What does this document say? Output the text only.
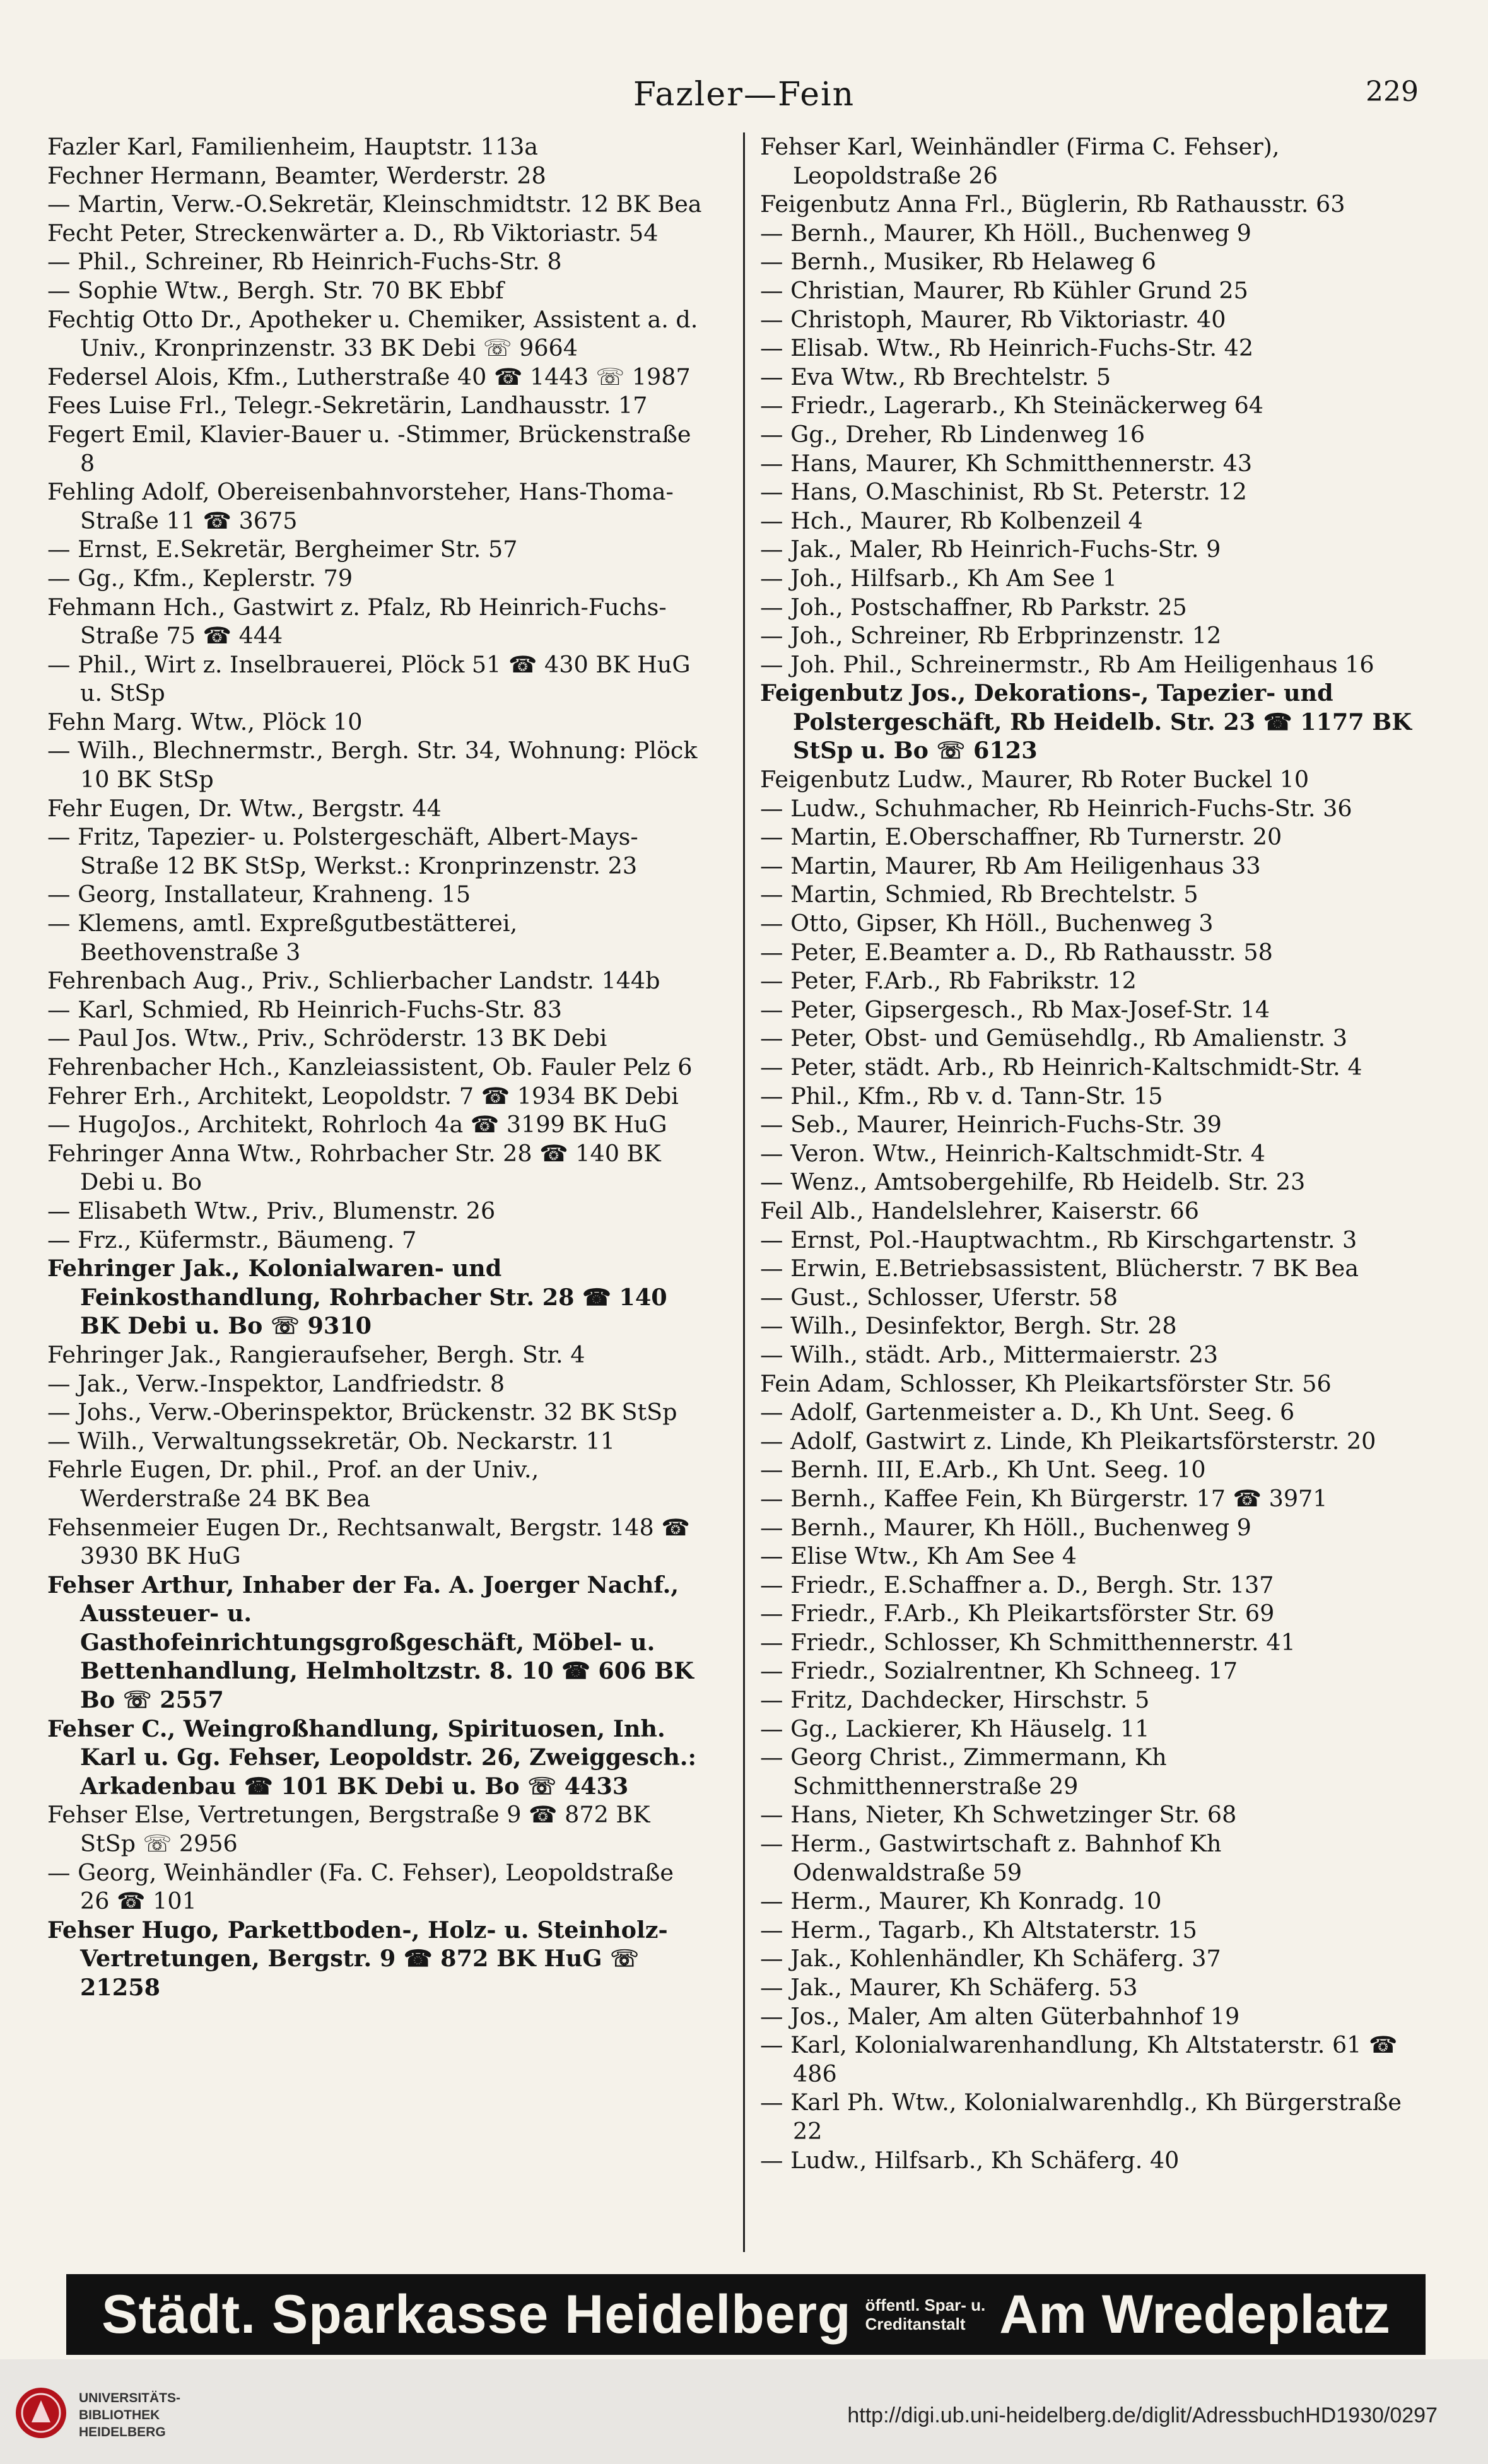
Fazler—Fein	229

Fazler Karl, Familienheim, Hauptstr. 113a

Fechner Hermann, Beamter, Werderstr. 28

— Martin, Verw.-O.Sekretär, Kleinschmidtstr. 12 BK Bea

Fecht Peter, Streckenwärter a. D., Rb Viktoriastr. 54

— Phil., Schreiner, Rb Heinrich-Fuchs-Str. 8

— Sophie Wtw., Bergh. Str. 70 BK Ebbf

Fechtig Otto Dr., Apotheker u. Chemiker, Assistent a. d. Univ., Kronprinzenstr. 33 BK Debi ☏ 9664

Federsel Alois, Kfm., Lutherstraße 40 ☎ 1443 ☏ 1987

Fees Luise Frl., Telegr.-Sekretärin, Landhausstr. 17

Fegert Emil, Klavier-Bauer u. -Stimmer, Brückenstraße 8

Fehling Adolf, Obereisenbahnvorsteher, Hans-Thoma-Straße 11 ☎ 3675

— Ernst, E.Sekretär, Bergheimer Str. 57

— Gg., Kfm., Keplerstr. 79

Fehmann Hch., Gastwirt z. Pfalz, Rb Heinrich-Fuchs-Straße 75 ☎ 444

— Phil., Wirt z. Inselbrauerei, Plöck 51 ☎ 430 BK HuG u. StSp

Fehn Marg. Wtw., Plöck 10

— Wilh., Blechnermstr., Bergh. Str. 34, Wohnung: Plöck 10 BK StSp

Fehr Eugen, Dr. Wtw., Bergstr. 44

— Fritz, Tapezier- u. Polstergeschäft, Albert-Mays-Straße 12 BK StSp, Werkst.: Kronprinzenstr. 23

— Georg, Installateur, Krahneng. 15

— Klemens, amtl. Expreßgutbestätterei, Beethovenstraße 3

Fehrenbach Aug., Priv., Schlierbacher Landstr. 144b

— Karl, Schmied, Rb Heinrich-Fuchs-Str. 83

— Paul Jos. Wtw., Priv., Schröderstr. 13 BK Debi

Fehrenbacher Hch., Kanzleiassistent, Ob. Fauler Pelz 6

Fehrer Erh., Architekt, Leopoldstr. 7 ☎ 1934 BK Debi

— HugoJos., Architekt, Rohrloch 4a ☎ 3199 BK HuG

Fehringer Anna Wtw., Rohrbacher Str. 28 ☎ 140 BK Debi u. Bo

— Elisabeth Wtw., Priv., Blumenstr. 26

— Frz., Küfermstr., Bäumeng. 7

Fehringer Jak., Kolonialwaren- und Feinkosthandlung, Rohrbacher Str. 28 ☎ 140 BK Debi u. Bo ☏ 9310

Fehringer Jak., Rangieraufseher, Bergh. Str. 4

— Jak., Verw.-Inspektor, Landfriedstr. 8

— Johs., Verw.-Oberinspektor, Brückenstr. 32 BK StSp

— Wilh., Verwaltungssekretär, Ob. Neckarstr. 11

Fehrle Eugen, Dr. phil., Prof. an der Univ., Werderstraße 24 BK Bea

Fehsenmeier Eugen Dr., Rechtsanwalt, Bergstr. 148 ☎ 3930 BK HuG

Fehser Arthur, Inhaber der Fa. A. Joerger Nachf., Aussteuer- u. Gasthofeinrichtungsgroßgeschäft, Möbel- u. Bettenhandlung, Helmholtzstr. 8. 10 ☎ 606 BK Bo ☏ 2557

Fehser C., Weingroßhandlung, Spirituosen, Inh. Karl u. Gg. Fehser, Leopoldstr. 26, Zweiggesch.: Arkadenbau ☎ 101 BK Debi u. Bo ☏ 4433

Fehser Else, Vertretungen, Bergstraße 9 ☎ 872 BK StSp ☏ 2956

— Georg, Weinhändler (Fa. C. Fehser), Leopoldstraße 26 ☎ 101

Fehser Hugo, Parkettboden-, Holz- u. Steinholz-Vertretungen, Bergstr. 9 ☎ 872 BK HuG ☏ 21258

Fehser Karl, Weinhändler (Firma C. Fehser), Leopoldstraße 26

Feigenbutz Anna Frl., Büglerin, Rb Rathausstr. 63

— Bernh., Maurer, Kh Höll., Buchenweg 9

— Bernh., Musiker, Rb Helaweg 6

— Christian, Maurer, Rb Kühler Grund 25

— Christoph, Maurer, Rb Viktoriastr. 40

— Elisab. Wtw., Rb Heinrich-Fuchs-Str. 42

— Eva Wtw., Rb Brechtelstr. 5

— Friedr., Lagerarb., Kh Steinäckerweg 64

— Gg., Dreher, Rb Lindenweg 16

— Hans, Maurer, Kh Schmitthennerstr. 43

— Hans, O.Maschinist, Rb St. Peterstr. 12

— Hch., Maurer, Rb Kolbenzeil 4

— Jak., Maler, Rb Heinrich-Fuchs-Str. 9

— Joh., Hilfsarb., Kh Am See 1

— Joh., Postschaffner, Rb Parkstr. 25

— Joh., Schreiner, Rb Erbprinzenstr. 12

— Joh. Phil., Schreinermstr., Rb Am Heiligenhaus 16

Feigenbutz Jos., Dekorations-, Tapezier- und Polstergeschäft, Rb Heidelb. Str. 23 ☎ 1177 BK StSp u. Bo ☏ 6123

Feigenbutz Ludw., Maurer, Rb Roter Buckel 10

— Ludw., Schuhmacher, Rb Heinrich-Fuchs-Str. 36

— Martin, E.Oberschaffner, Rb Turnerstr. 20

— Martin, Maurer, Rb Am Heiligenhaus 33

— Martin, Schmied, Rb Brechtelstr. 5

— Otto, Gipser, Kh Höll., Buchenweg 3

— Peter, E.Beamter a. D., Rb Rathausstr. 58

— Peter, F.Arb., Rb Fabrikstr. 12

— Peter, Gipsergesch., Rb Max-Josef-Str. 14

— Peter, Obst- und Gemüsehdlg., Rb Amalienstr. 3

— Peter, städt. Arb., Rb Heinrich-Kaltschmidt-Str. 4

— Phil., Kfm., Rb v. d. Tann-Str. 15

— Seb., Maurer, Heinrich-Fuchs-Str. 39

— Veron. Wtw., Heinrich-Kaltschmidt-Str. 4

— Wenz., Amtsobergehilfe, Rb Heidelb. Str. 23

Feil Alb., Handelslehrer, Kaiserstr. 66

— Ernst, Pol.-Hauptwachtm., Rb Kirschgartenstr. 3

— Erwin, E.Betriebsassistent, Blücherstr. 7 BK Bea

— Gust., Schlosser, Uferstr. 58

— Wilh., Desinfektor, Bergh. Str. 28

— Wilh., städt. Arb., Mittermaierstr. 23

Fein Adam, Schlosser, Kh Pleikartsförster Str. 56

— Adolf, Gartenmeister a. D., Kh Unt. Seeg. 6

— Adolf, Gastwirt z. Linde, Kh Pleikartsförsterstr. 20

— Bernh. III, E.Arb., Kh Unt. Seeg. 10

— Bernh., Kaffee Fein, Kh Bürgerstr. 17 ☎ 3971

— Bernh., Maurer, Kh Höll., Buchenweg 9

— Elise Wtw., Kh Am See 4

— Friedr., E.Schaffner a. D., Bergh. Str. 137

— Friedr., F.Arb., Kh Pleikartsförster Str. 69

— Friedr., Schlosser, Kh Schmitthennerstr. 41

— Friedr., Sozialrentner, Kh Schneeg. 17

— Fritz, Dachdecker, Hirschstr. 5

— Gg., Lackierer, Kh Häuselg. 11

— Georg Christ., Zimmermann, Kh Schmitthennerstraße 29

— Hans, Nieter, Kh Schwetzinger Str. 68

— Herm., Gastwirtschaft z. Bahnhof Kh Odenwaldstraße 59

— Herm., Maurer, Kh Konradg. 10

— Herm., Tagarb., Kh Altstaterstr. 15

— Jak., Kohlenhändler, Kh Schäferg. 37

— Jak., Maurer, Kh Schäferg. 53

— Jos., Maler, Am alten Güterbahnhof 19

— Karl, Kolonialwarenhandlung, Kh Altstaterstr. 61 ☎ 486

— Karl Ph. Wtw., Kolonialwarenhdlg., Kh Bürgerstraße 22

— Ludw., Hilfsarb., Kh Schäferg. 40

Städt. Sparkasse Heidelberg öffentl. Spar- u.
Creditanstalt Am Wredeplatz
UNIVERSITÄTS-
BIBLIOTHEK
HEIDELBERG
http://digi.ub.uni-heidelberg.de/diglit/AdressbuchHD1930/0297
